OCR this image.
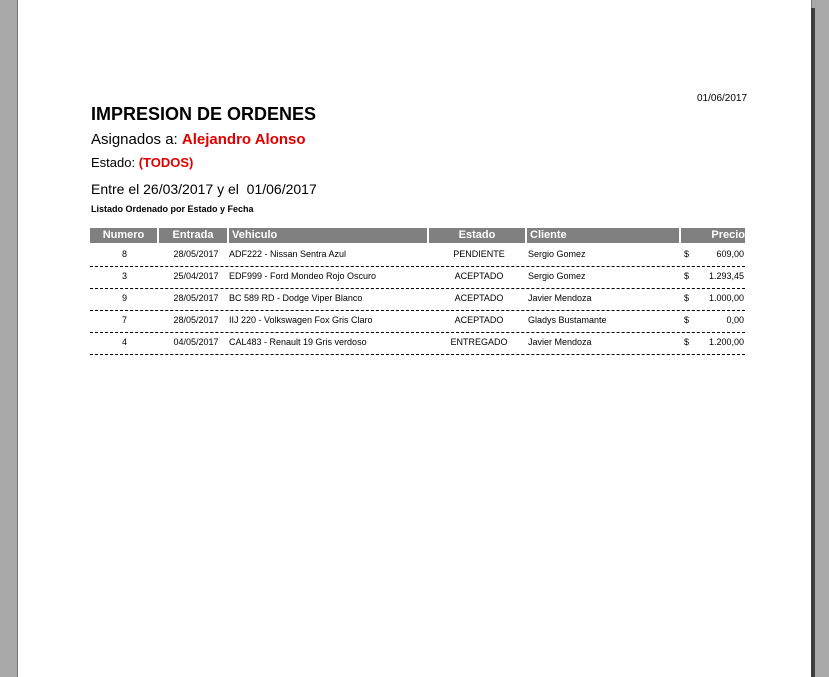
01/06/2017
IMPRESION DE ORDENES
Asignados a: Alejandro Alonso
Estado: (TODOS)
Entre el 26/03/2017 y el  01/06/2017
Listado Ordenado por Estado y Fecha
Numero	Entrada	Vehiculo	Estado	Cliente	Precio
8	28/05/2017	ADF222 - Nissan Sentra Azul	PENDIENTE	Sergio Gomez	$	609,00
3	25/04/2017	EDF999 - Ford Mondeo Rojo Oscuro	ACEPTADO	Sergio Gomez	$	1.293,45
9	28/05/2017	BC 589 RD - Dodge Viper Blanco	ACEPTADO	Javier Mendoza	$	1.000,00
7	28/05/2017	IIJ 220 - Volkswagen Fox Gris Claro	ACEPTADO	Gladys Bustamante	$	0,00
4	04/05/2017	CAL483 - Renault 19 Gris verdoso	ENTREGADO	Javier Mendoza	$	1.200,00
